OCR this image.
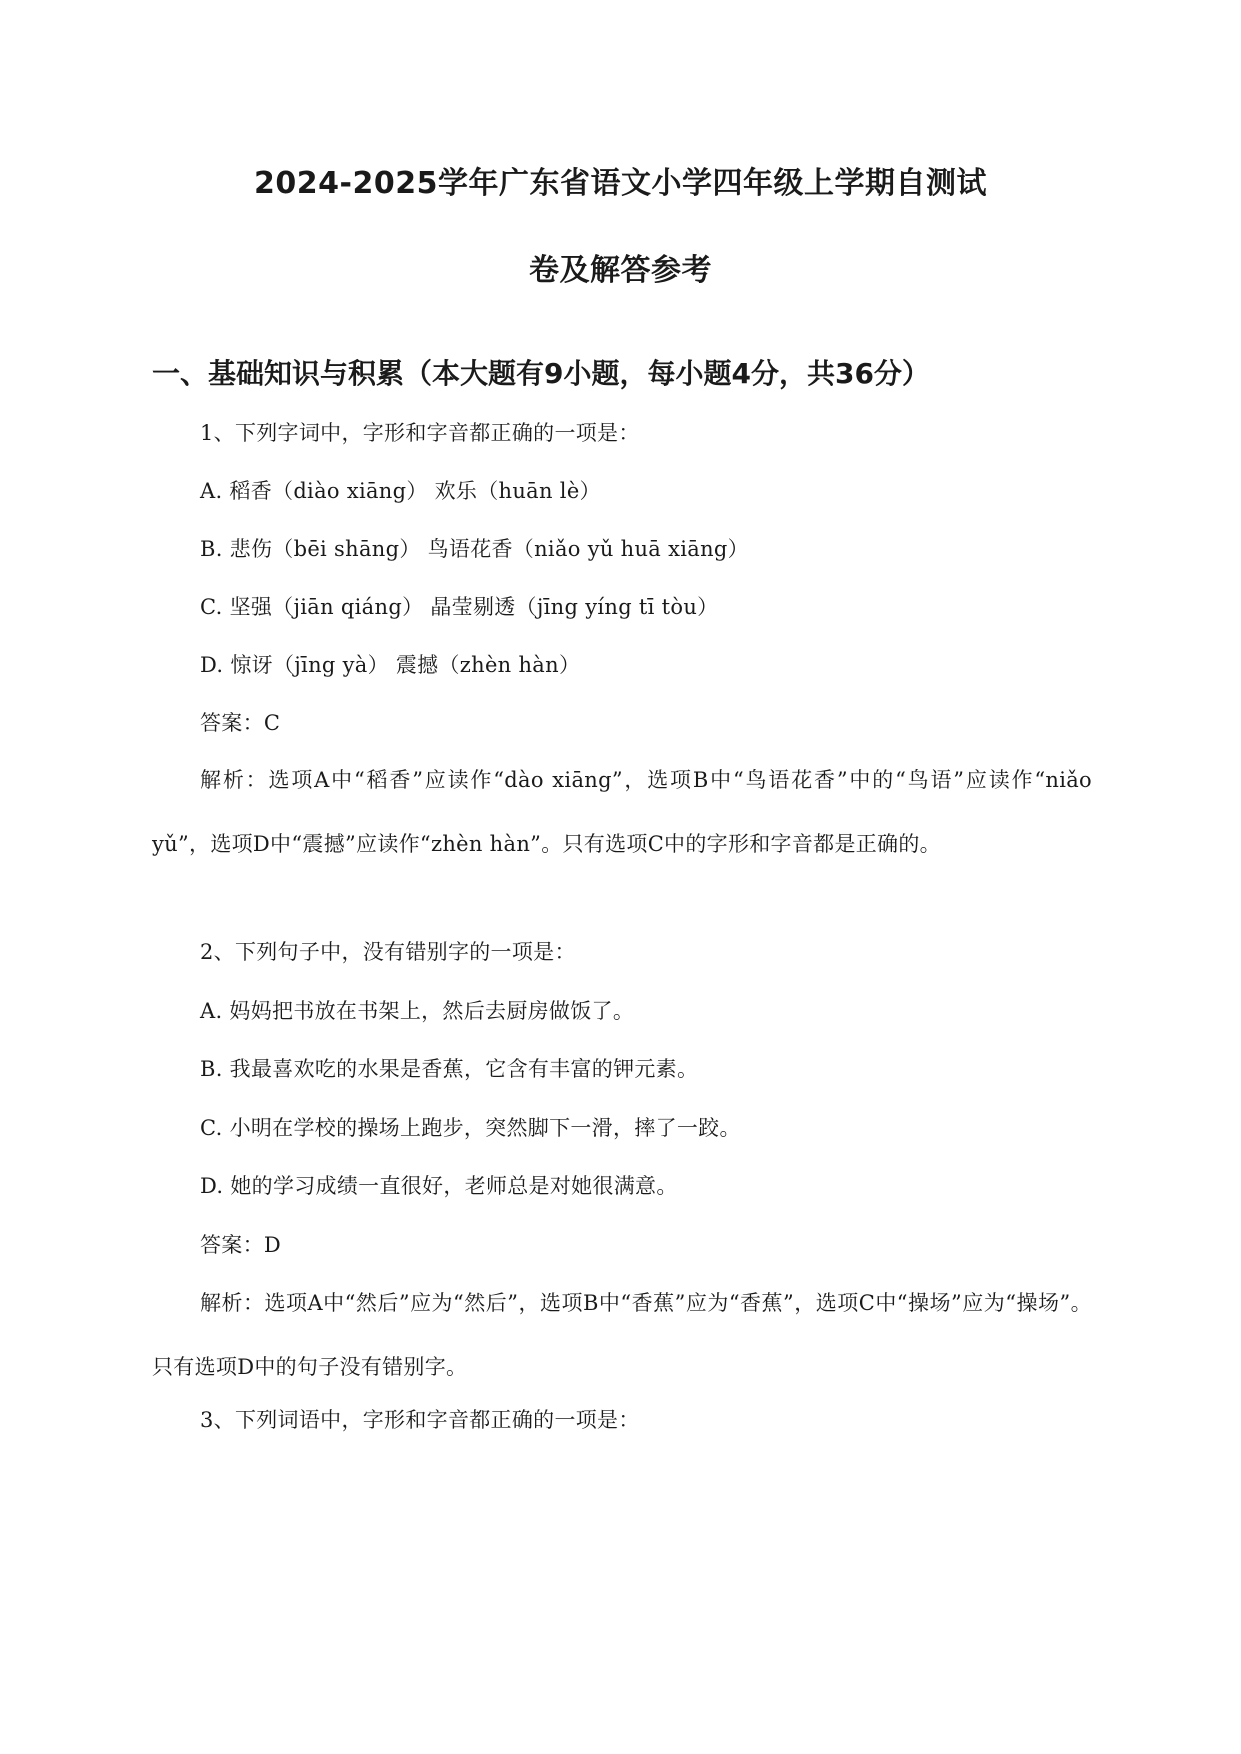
2024-2025学年广东省语文小学四年级上学期自测试
卷及解答参考
一、基础知识与积累（本大题有9小题，每小题4分，共36分）
1、下列字词中，字形和字音都正确的一项是：
A. 稻香（diào xiāng） 欢乐（huān lè）
B. 悲伤（bēi shāng） 鸟语花香（niǎo yǔ huā xiāng）
C. 坚强（jiān qiáng） 晶莹剔透（jīng yíng tī tòu）
D. 惊讶（jīng yà） 震撼（zhèn hàn）
答案：C
解析：选项A中“稻香”应读作“dào xiāng”，选项B中“鸟语花香”中的“鸟语”应读作“niǎo yǔ”，选项D中“震撼”应读作“zhèn hàn”。只有选项C中的字形和字音都是正确的。
2、下列句子中，没有错别字的一项是：
A. 妈妈把书放在书架上，然后去厨房做饭了。
B. 我最喜欢吃的水果是香蕉，它含有丰富的钾元素。
C. 小明在学校的操场上跑步，突然脚下一滑，摔了一跤。
D. 她的学习成绩一直很好，老师总是对她很满意。
答案：D
解析：选项A中“然后”应为“然后”，选项B中“香蕉”应为“香蕉”，选项C中“操场”应为“操场”。只有选项D中的句子没有错别字。
3、下列词语中，字形和字音都正确的一项是：
